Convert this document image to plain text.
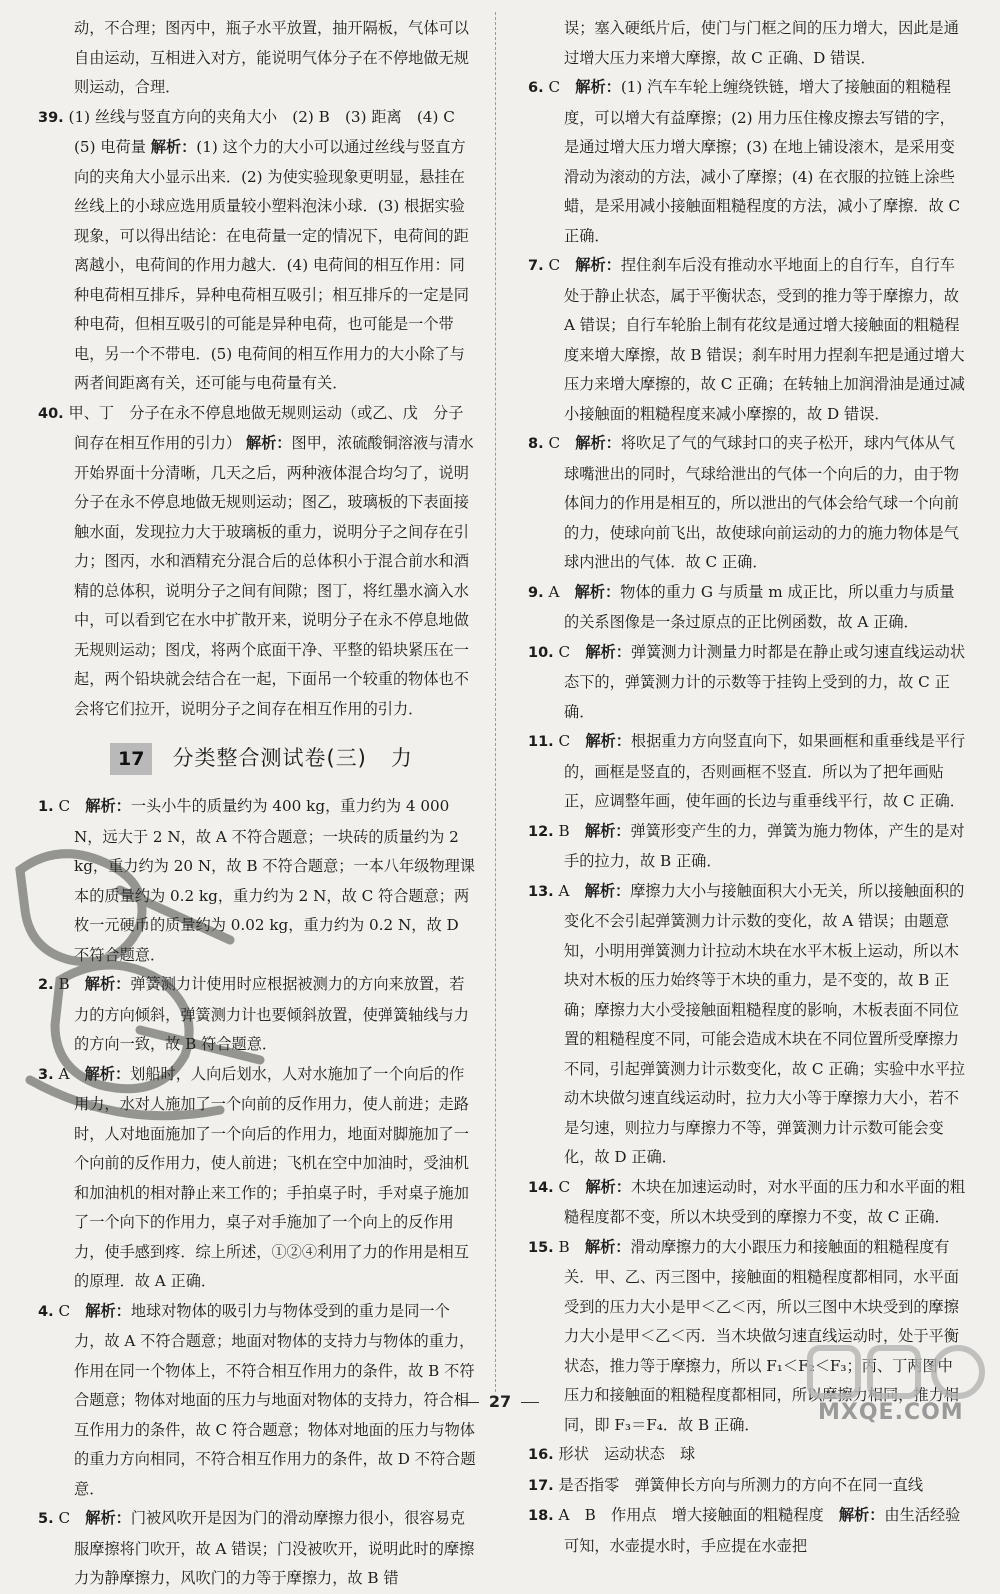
动，不合理；图丙中，瓶子水平放置，抽开隔板，气体可以自由运动，互相进入对方，能说明气体分子在不停地做无规则运动，合理．
39. (1) 丝线与竖直方向的夹角大小　(2) B　(3) 距离　(4) C　(5) 电荷量 解析：(1) 这个力的大小可以通过丝线与竖直方向的夹角大小显示出来．(2) 为使实验现象更明显，悬挂在丝线上的小球应选用质量较小塑料泡沫小球．(3) 根据实验现象，可以得出结论：在电荷量一定的情况下，电荷间的距离越小，电荷间的作用力越大．(4) 电荷间的相互作用：同种电荷相互排斥，异种电荷相互吸引；相互排斥的一定是同种电荷，但相互吸引的可能是异种电荷，也可能是一个带电，另一个不带电．(5) 电荷间的相互作用力的大小除了与两者间距离有关，还可能与电荷量有关．
40. 甲、丁　分子在永不停息地做无规则运动（或乙、戊　分子间存在相互作用的引力） 解析：图甲，浓硫酸铜溶液与清水开始界面十分清晰，几天之后，两种液体混合均匀了，说明分子在永不停息地做无规则运动；图乙，玻璃板的下表面接触水面，发现拉力大于玻璃板的重力，说明分子之间存在引力；图丙，水和酒精充分混合后的总体积小于混合前水和酒精的总体积，说明分子之间有间隙；图丁，将红墨水滴入水中，可以看到它在水中扩散开来，说明分子在永不停息地做无规则运动；图戊，将两个底面干净、平整的铅块紧压在一起，两个铅块就会结合在一起，下面吊一个较重的物体也不会将它们拉开，说明分子之间存在相互作用的引力．
17	分类整合测试卷(三) 力
1. C　 解析：一头小牛的质量约为 400 kg，重力约为 4 000 N，远大于 2 N，故 A 不符合题意；一块砖的质量约为 2 kg，重力约为 20 N，故 B 不符合题意；一本八年级物理课本的质量约为 0.2 kg，重力约为 2 N，故 C 符合题意；两枚一元硬币的质量约为 0.02 kg，重力约为 0.2 N，故 D 不符合题意．
2. B　 解析：弹簧测力计使用时应根据被测力的方向来放置，若力的方向倾斜，弹簧测力计也要倾斜放置，使弹簧轴线与力的方向一致，故 B 符合题意．
3. A　 解析：划船时，人向后划水，人对水施加了一个向后的作用力，水对人施加了一个向前的反作用力，使人前进；走路时，人对地面施加了一个向后的作用力，地面对脚施加了一个向前的反作用力，使人前进；飞机在空中加油时，受油机和加油机的相对静止来工作的；手拍桌子时，手对桌子施加了一个向下的作用力，桌子对手施加了一个向上的反作用力，使手感到疼．综上所述，①②④利用了力的作用是相互的原理．故 A 正确．
4. C　 解析：地球对物体的吸引力与物体受到的重力是同一个力，故 A 不符合题意；地面对物体的支持力与物体的重力，作用在同一个物体上，不符合相互作用力的条件，故 B 不符合题意；物体对地面的压力与地面对物体的支持力，符合相互作用力的条件，故 C 符合题意；物体对地面的压力与物体的重力方向相同，不符合相互作用力的条件，故 D 不符合题意．
5. C　 解析：门被风吹开是因为门的滑动摩擦力很小，很容易克服摩擦将门吹开，故 A 错误；门没被吹开，说明此时的摩擦力为静摩擦力，风吹门的力等于摩擦力，故 B 错
误；塞入硬纸片后，使门与门框之间的压力增大，因此是通过增大压力来增大摩擦，故 C 正确、D 错误．
6. C　 解析：(1) 汽车车轮上缠绕铁链，增大了接触面的粗糙程度，可以增大有益摩擦；(2) 用力压住橡皮擦去写错的字，是通过增大压力增大摩擦；(3) 在地上铺设滚木，是采用变滑动为滚动的方法，减小了摩擦；(4) 在衣服的拉链上涂些蜡，是采用减小接触面粗糙程度的方法，减小了摩擦．故 C 正确．
7. C　 解析：捏住刹车后没有推动水平地面上的自行车，自行车处于静止状态，属于平衡状态，受到的推力等于摩擦力，故 A 错误；自行车轮胎上制有花纹是通过增大接触面的粗糙程度来增大摩擦，故 B 错误；刹车时用力捏刹车把是通过增大压力来增大摩擦的，故 C 正确；在转轴上加润滑油是通过减小接触面的粗糙程度来减小摩擦的，故 D 错误．
8. C　 解析：将吹足了气的气球封口的夹子松开，球内气体从气球嘴泄出的同时，气球给泄出的气体一个向后的力，由于物体间力的作用是相互的，所以泄出的气体会给气球一个向前的力，使球向前飞出，故使球向前运动的力的施力物体是气球内泄出的气体．故 C 正确．
9. A　 解析：物体的重力 G 与质量 m 成正比，所以重力与质量的关系图像是一条过原点的正比例函数，故 A 正确．
10. C　 解析：弹簧测力计测量力时都是在静止或匀速直线运动状态下的，弹簧测力计的示数等于挂钩上受到的力，故 C 正确．
11. C　 解析：根据重力方向竖直向下，如果画框和重垂线是平行的，画框是竖直的，否则画框不竖直．所以为了把年画贴正，应调整年画，使年画的长边与重垂线平行，故 C 正确．
12. B　 解析：弹簧形变产生的力，弹簧为施力物体，产生的是对手的拉力，故 B 正确．
13. A　 解析：摩擦力大小与接触面积大小无关，所以接触面积的变化不会引起弹簧测力计示数的变化，故 A 错误；由题意知，小明用弹簧测力计拉动木块在水平木板上运动，所以木块对木板的压力始终等于木块的重力，是不变的，故 B 正确；摩擦力大小受接触面粗糙程度的影响，木板表面不同位置的粗糙程度不同，可能会造成木块在不同位置所受摩擦力不同，引起弹簧测力计示数变化，故 C 正确；实验中水平拉动木块做匀速直线运动时，拉力大小等于摩擦力大小，若不是匀速，则拉力与摩擦力不等，弹簧测力计示数可能会变化，故 D 正确．
14. C　 解析：木块在加速运动时，对水平面的压力和水平面的粗糙程度都不变，所以木块受到的摩擦力不变，故 C 正确．
15. B　 解析：滑动摩擦力的大小跟压力和接触面的粗糙程度有关．甲、乙、丙三图中，接触面的粗糙程度都相同，水平面受到的压力大小是甲＜乙＜丙，所以三图中木块受到的摩擦力大小是甲＜乙＜丙．当木块做匀速直线运动时，处于平衡状态，推力等于摩擦力，所以 F₁＜F₂＜F₃；丙、丁两图中压力和接触面的粗糙程度都相同，所以摩擦力相同，推力相同，即 F₃＝F₄．故 B 正确．
16. 形状　运动状态　球　
17. 是否指零　弹簧伸长方向与所测力的方向不在同一直线　
18. A　B　作用点　增大接触面的粗糙程度　 解析：由生活经验可知，水壶提水时，手应提在水壶把
MXQE.COM
27
